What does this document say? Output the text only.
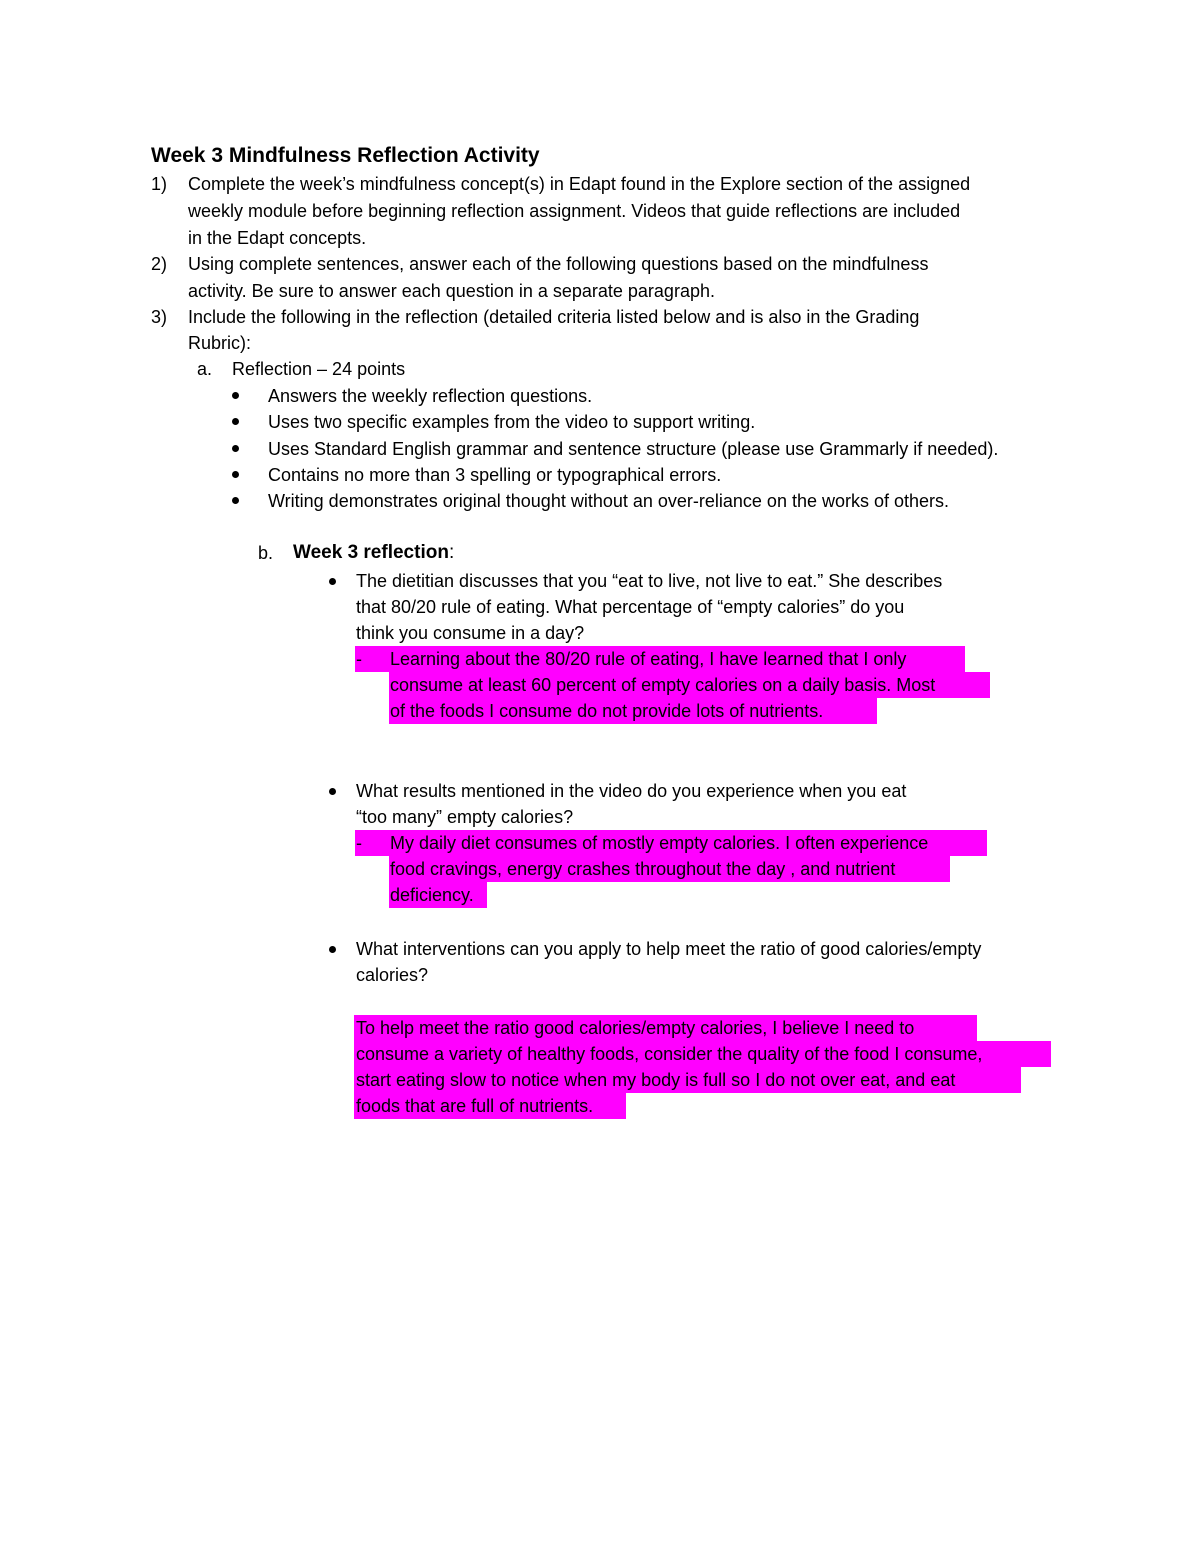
Week 3 Mindfulness Reflection Activity
1) Complete the week’s mindfulness concept(s) in Edapt found in the Explore section of the assigned
weekly module before beginning reflection assignment. Videos that guide reflections are included
in the Edapt concepts.
2) Using complete sentences, answer each of the following questions based on the mindfulness
activity. Be sure to answer each question in a separate paragraph.
3) Include the following in the reflection (detailed criteria listed below and is also in the Grading
Rubric):
a. Reflection – 24 points
Answers the weekly reflection questions.
Uses two specific examples from the video to support writing.
Uses Standard English grammar and sentence structure (please use Grammarly if needed).
Contains no more than 3 spelling or typographical errors.
Writing demonstrates original thought without an over-reliance on the works of others.
b. Week 3 reflection:
The dietitian discusses that you “eat to live, not live to eat.” She describes
that 80/20 rule of eating. What percentage of “empty calories” do you
think you consume in a day?
- Learning about the 80/20 rule of eating, I have learned that I only
consume at least 60 percent of empty calories on a daily basis. Most
of the foods I consume do not provide lots of nutrients.
What results mentioned in the video do you experience when you eat
“too many” empty calories?
- My daily diet consumes of mostly empty calories. I often experience
food cravings, energy crashes throughout the day , and nutrient
deficiency.
What interventions can you apply to help meet the ratio of good calories/empty
calories?
To help meet the ratio good calories/empty calories, I believe I need to
consume a variety of healthy foods, consider the quality of the food I consume,
start eating slow to notice when my body is full so I do not over eat, and eat
foods that are full of nutrients.
